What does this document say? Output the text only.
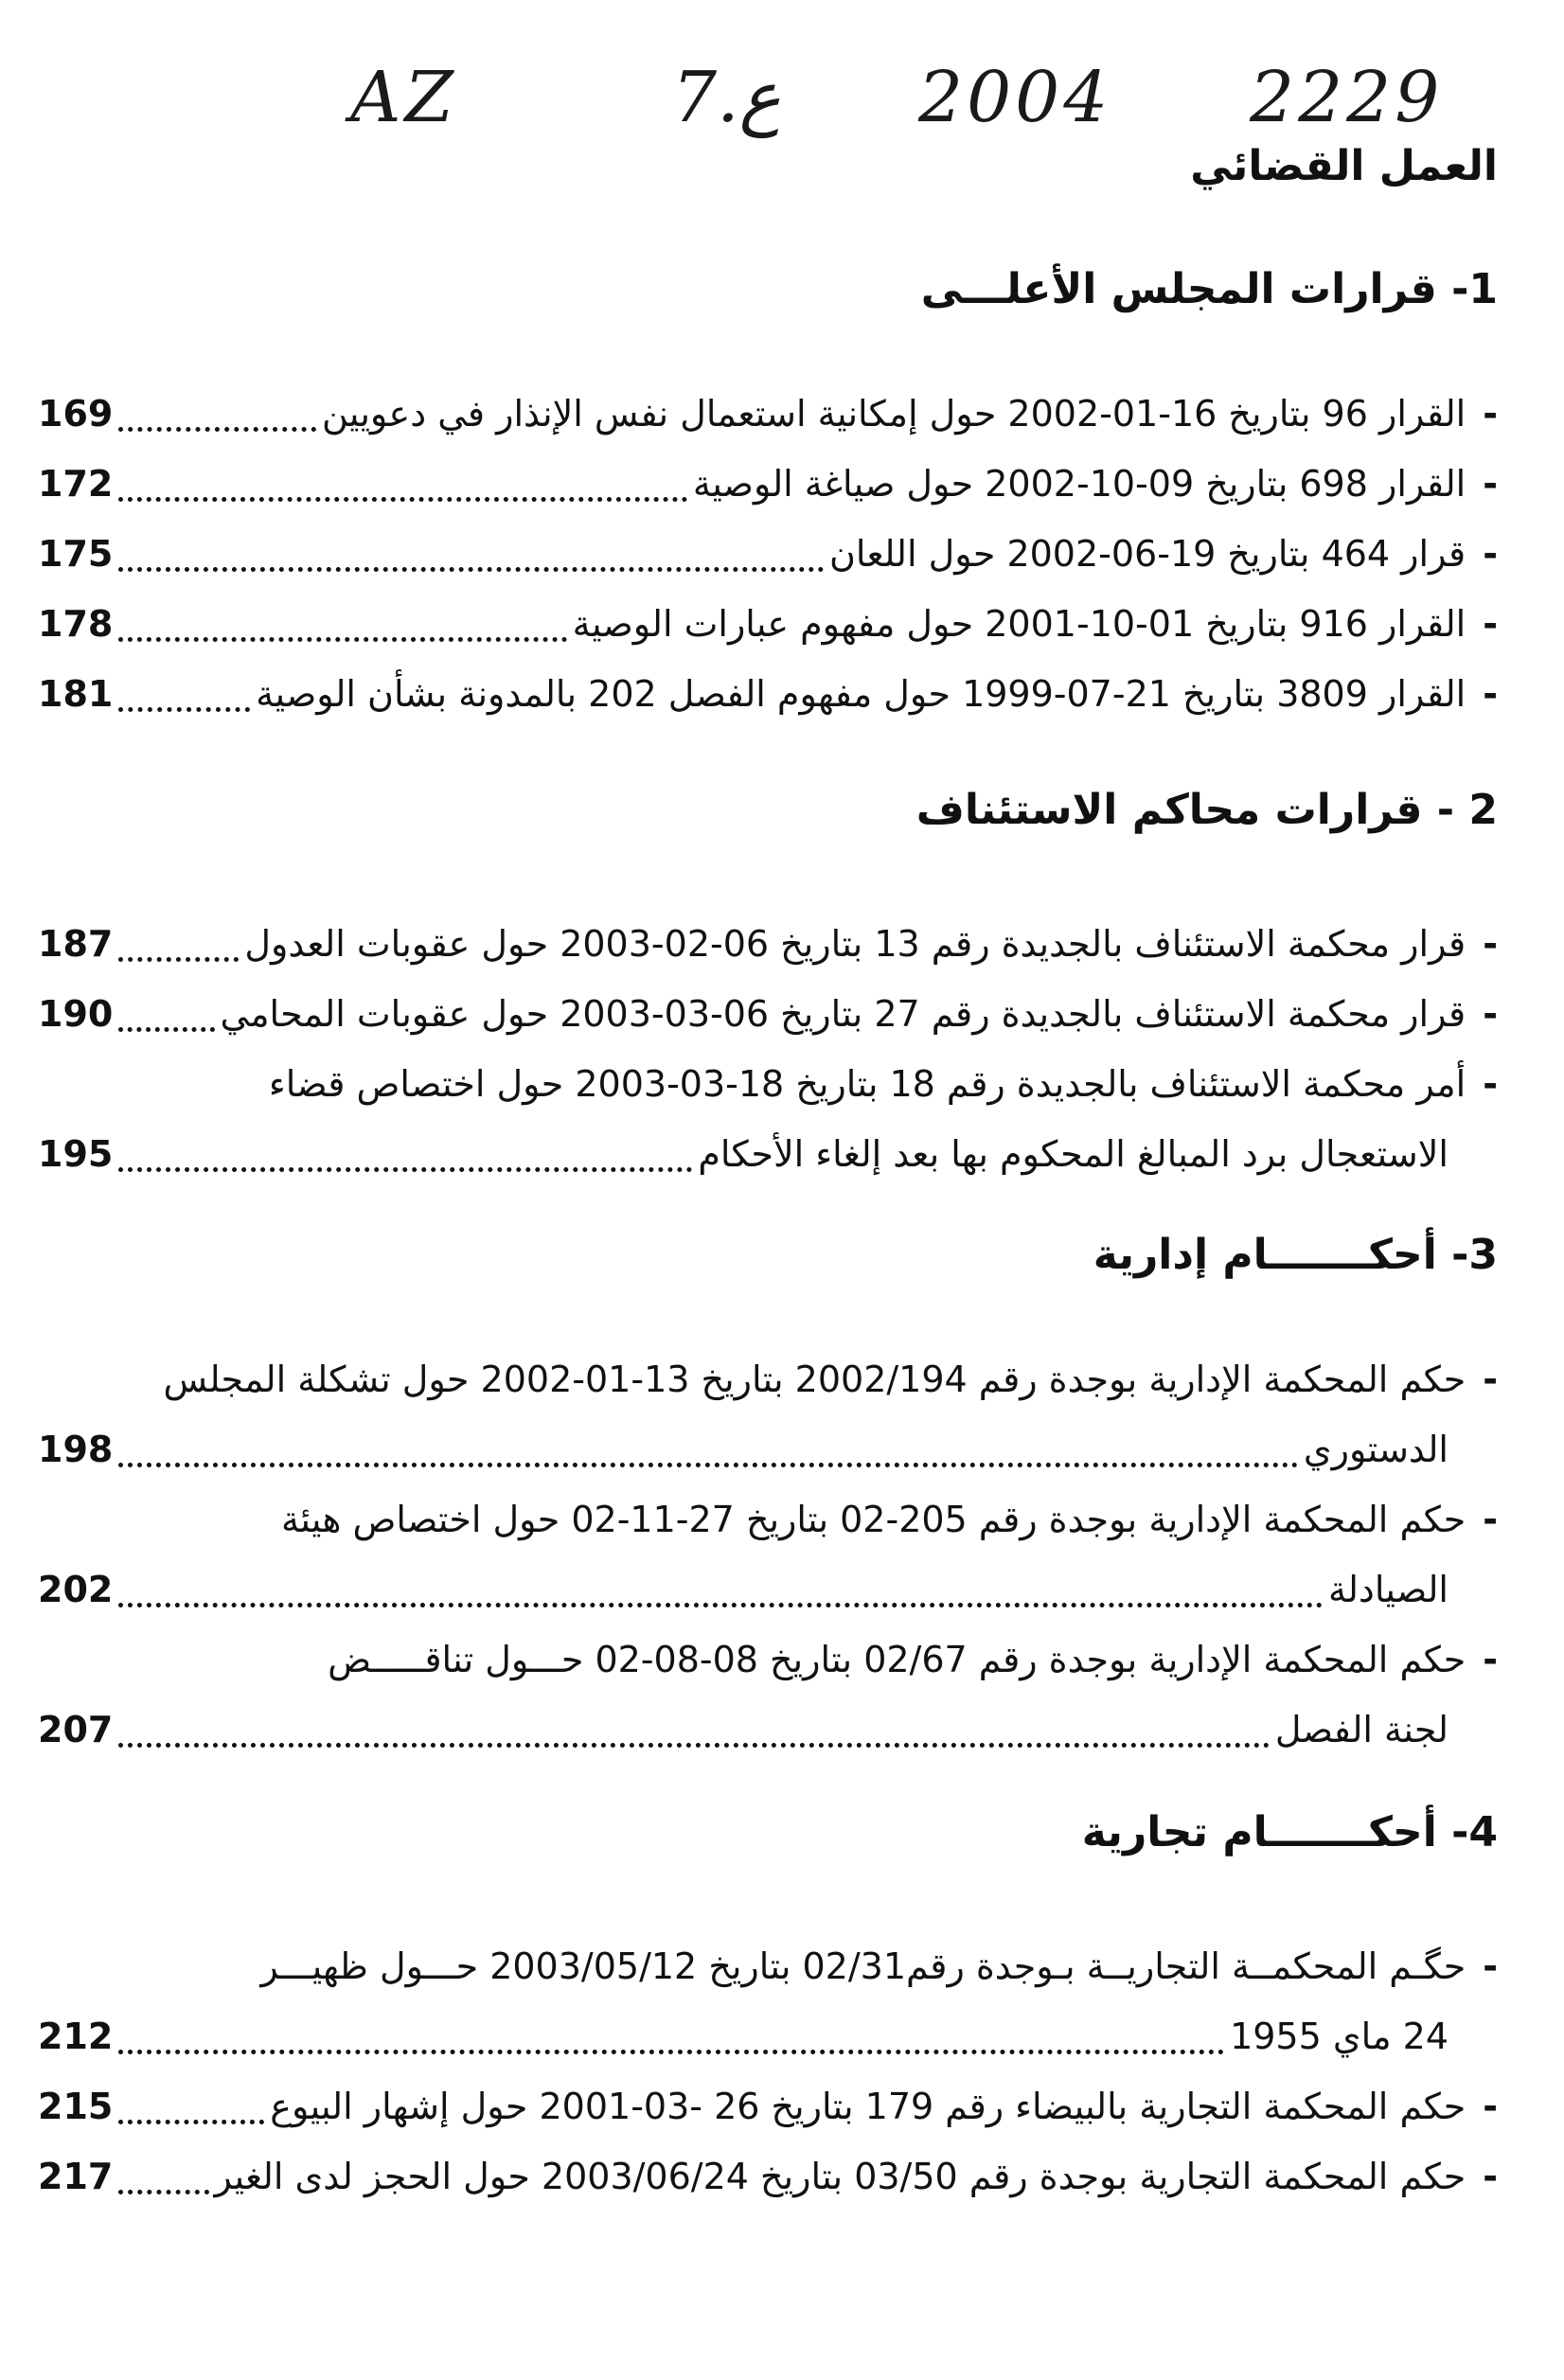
AZ	7.ع 2004 2229
العمل القضائي
1- قرارات المجلس الأعلـــى
-
القرار 96 بتاريخ 16-01-2002 حول إمكانية استعمال نفس الإنذار في دعويين
169
-
القرار 698 بتاريخ 09-10-2002 حول صياغة الوصية
172
-
قرار 464 بتاريخ 19-06-2002 حول اللعان
175
-
القرار 916 بتاريخ 01-10-2001 حول مفهوم عبارات الوصية
178
-
القرار 3809 بتاريخ 21-07-1999 حول مفهوم الفصل 202 بالمدونة بشأن الوصية
181
2 - قرارات محاكم الاستئناف
-
قرار محكمة الاستئناف بالجديدة رقم 13 بتاريخ 06-02-2003 حول عقوبات العدول
187
-
قرار محكمة الاستئناف بالجديدة رقم 27 بتاريخ 06-03-2003 حول عقوبات المحامي
190
-
أمر محكمة الاستئناف بالجديدة رقم 18 بتاريخ 18-03-2003 حول اختصاص قضاء
الاستعجال برد المبالغ المحكوم بها بعد إلغاء الأحكام
195
3- أحكـــــــام إدارية
-
حكم المحكمة الإدارية بوجدة رقم 2002/194 بتاريخ 13-01-2002 حول تشكلة المجلس
الدستوري
198
-
حكم المحكمة الإدارية بوجدة رقم 205-02 بتاريخ 27-11-02 حول اختصاص هيئة
الصيادلة
202
-
حكم المحكمة الإدارية بوجدة رقم 02/67 بتاريخ 08-08-02 حـــول تناقـــــض
لجنة الفصل
207
4- أحكـــــــام تجارية
-
حگـم المحكمــة التجاريــة بـوجدة رقم02/31 بتاريخ 2003/05/12 حـــول ظهيـــر
24 ماي 1955
212
-
حكم المحكمة التجارية بالبيضاء رقم 179 بتاريخ 26 -03-2001 حول إشهار البيوع
215
-
حكم المحكمة التجارية بوجدة رقم 03/50 بتاريخ 2003/06/24 حول الحجز لدى الغير
217
